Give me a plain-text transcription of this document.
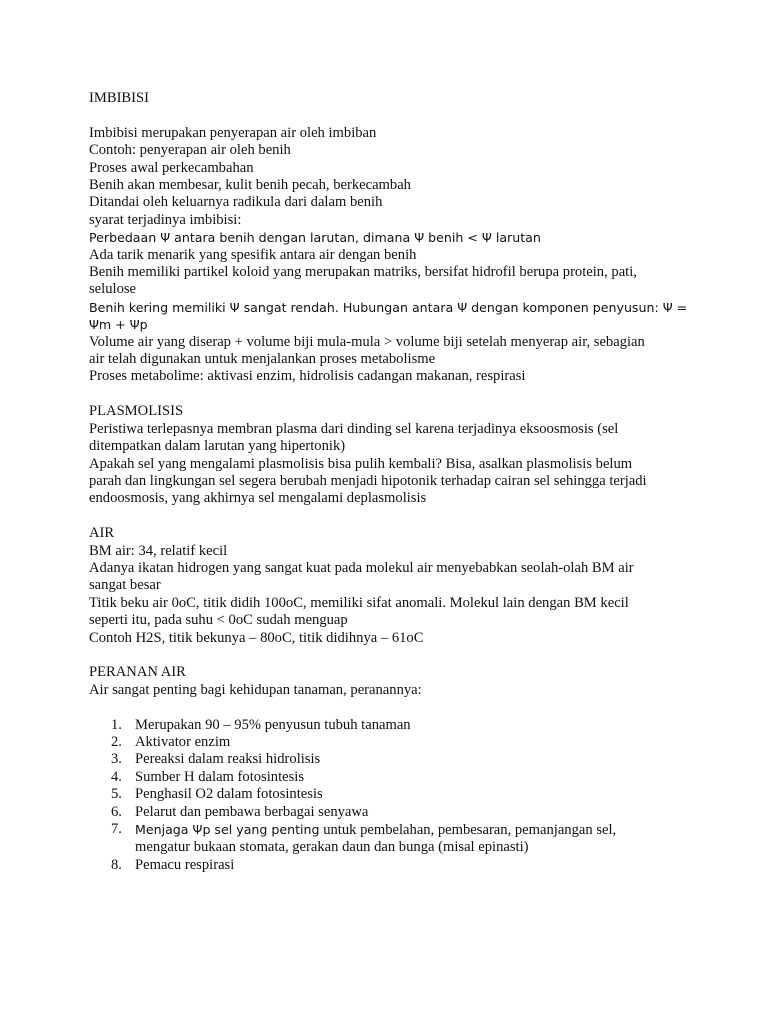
IMBIBISI
Imbibisi merupakan penyerapan air oleh imbiban
Contoh: penyerapan air oleh benih
Proses awal perkecambahan
Benih akan membesar, kulit benih pecah, berkecambah
Ditandai oleh keluarnya radikula dari dalam benih
syarat terjadinya imbibisi:
Perbedaan Ψ antara benih dengan larutan, dimana Ψ benih < Ψ larutan
Ada tarik menarik yang spesifik antara air dengan benih
Benih memiliki partikel koloid yang merupakan matriks, bersifat hidrofil berupa protein, pati,
selulose
Benih kering memiliki Ψ sangat rendah. Hubungan antara Ψ dengan komponen penyusun: Ψ =
Ψm + Ψp
Volume air yang diserap + volume biji mula-mula > volume biji setelah menyerap air, sebagian
air telah digunakan untuk menjalankan proses metabolisme
Proses metabolime: aktivasi enzim, hidrolisis cadangan makanan, respirasi
PLASMOLISIS
Peristiwa terlepasnya membran plasma dari dinding sel karena terjadinya eksoosmosis (sel
ditempatkan dalam larutan yang hipertonik)
Apakah sel yang mengalami plasmolisis bisa pulih kembali? Bisa, asalkan plasmolisis belum
parah dan lingkungan sel segera berubah menjadi hipotonik terhadap cairan sel sehingga terjadi
endoosmosis, yang akhirnya sel mengalami deplasmolisis
AIR
BM air: 34, relatif kecil
Adanya ikatan hidrogen yang sangat kuat pada molekul air menyebabkan seolah-olah BM air
sangat besar
Titik beku air 0oC, titik didih 100oC, memiliki sifat anomali. Molekul lain dengan BM kecil
seperti itu, pada suhu < 0oC sudah menguap
Contoh H2S, titik bekunya – 80oC, titik didihnya – 61oC
PERANAN AIR
Air sangat penting bagi kehidupan tanaman, peranannya:
1. Merupakan 90 – 95% penyusun tubuh tanaman
2. Aktivator enzim
3. Pereaksi dalam reaksi hidrolisis
4. Sumber H dalam fotosintesis
5. Penghasil O2 dalam fotosintesis
6. Pelarut dan pembawa berbagai senyawa
7. Menjaga Ψp sel yang penting untuk pembelahan, pembesaran, pemanjangan sel,
mengatur bukaan stomata, gerakan daun dan bunga (misal epinasti)
8. Pemacu respirasi
